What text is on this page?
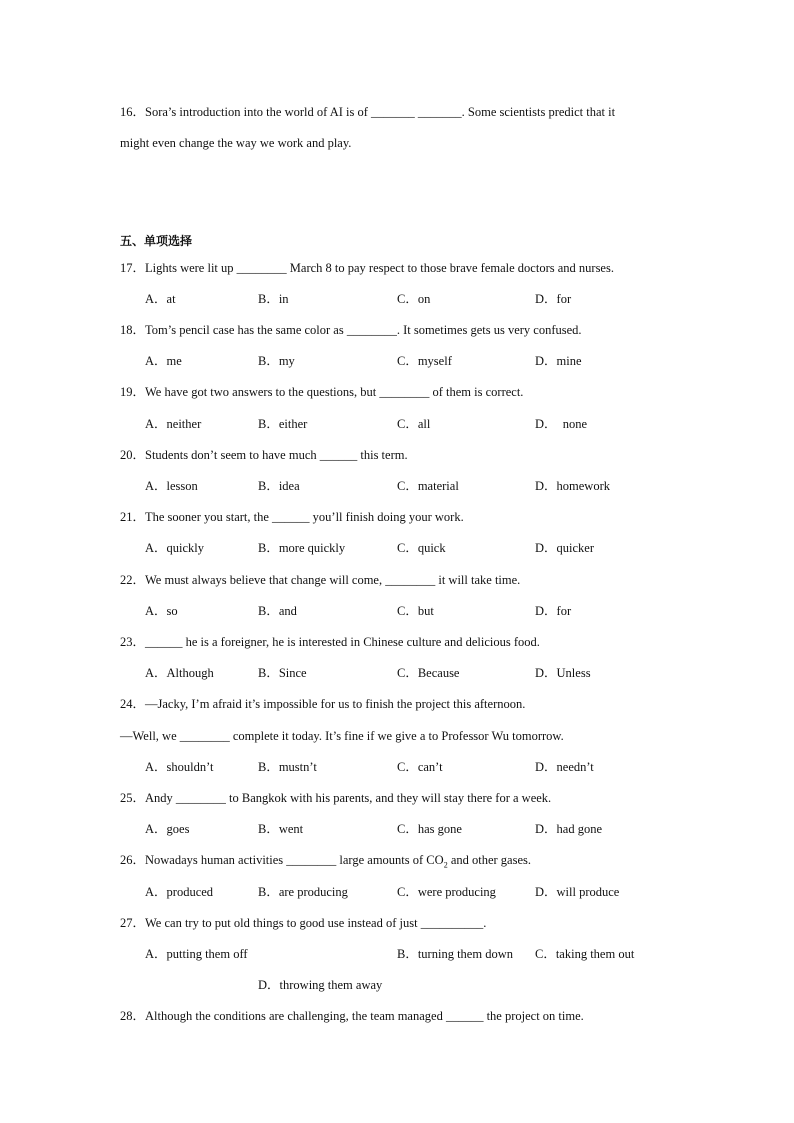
16．Sora’s introduction into the world of AI is of _______ _______. Some scientists predict that it
might even change the way we work and play.
五、单项选择
17．Lights were lit up ________ March 8 to pay respect to those brave female doctors and nurses.
A．at	B．in	C．on	D．for
18．Tom’s pencil case has the same color as ________. It sometimes gets us very confused.
A．me	B．my	C．myself	D．mine
19．We have got two answers to the questions, but ________ of them is correct.
A．neither	B．either	C．all	D．  none
20．Students don’t seem to have much ______ this term.
A．lesson	B．idea	C．material	D．homework
21．The sooner you start, the ______ you’ll finish doing your work.
A．quickly	B．more quickly	C．quick	D．quicker
22．We must always believe that change will come, ________ it will take time.
A．so	B．and	C．but	D．for
23．______ he is a foreigner, he is interested in Chinese culture and delicious food.
A．Although	B．Since	C．Because	D．Unless
24．—Jacky, I’m afraid it’s impossible for us to finish the project this afternoon.
—Well, we ________ complete it today. It’s fine if we give a to Professor Wu tomorrow.
A．shouldn’t	B．mustn’t	C．can’t	D．needn’t
25．Andy ________ to Bangkok with his parents, and they will stay there for a week.
A．goes	B．went	C．has gone	D．had gone
26．Nowadays human activities ________ large amounts of $CO_2$ and other gases.
A．produced	B．are producing	C．were producing	D．will produce
27．We can try to put old things to good use instead of just __________.
A．putting them off	B．turning them down C．taking them out
D．throwing them away
28．Although the conditions are challenging, the team managed ______ the project on time.
